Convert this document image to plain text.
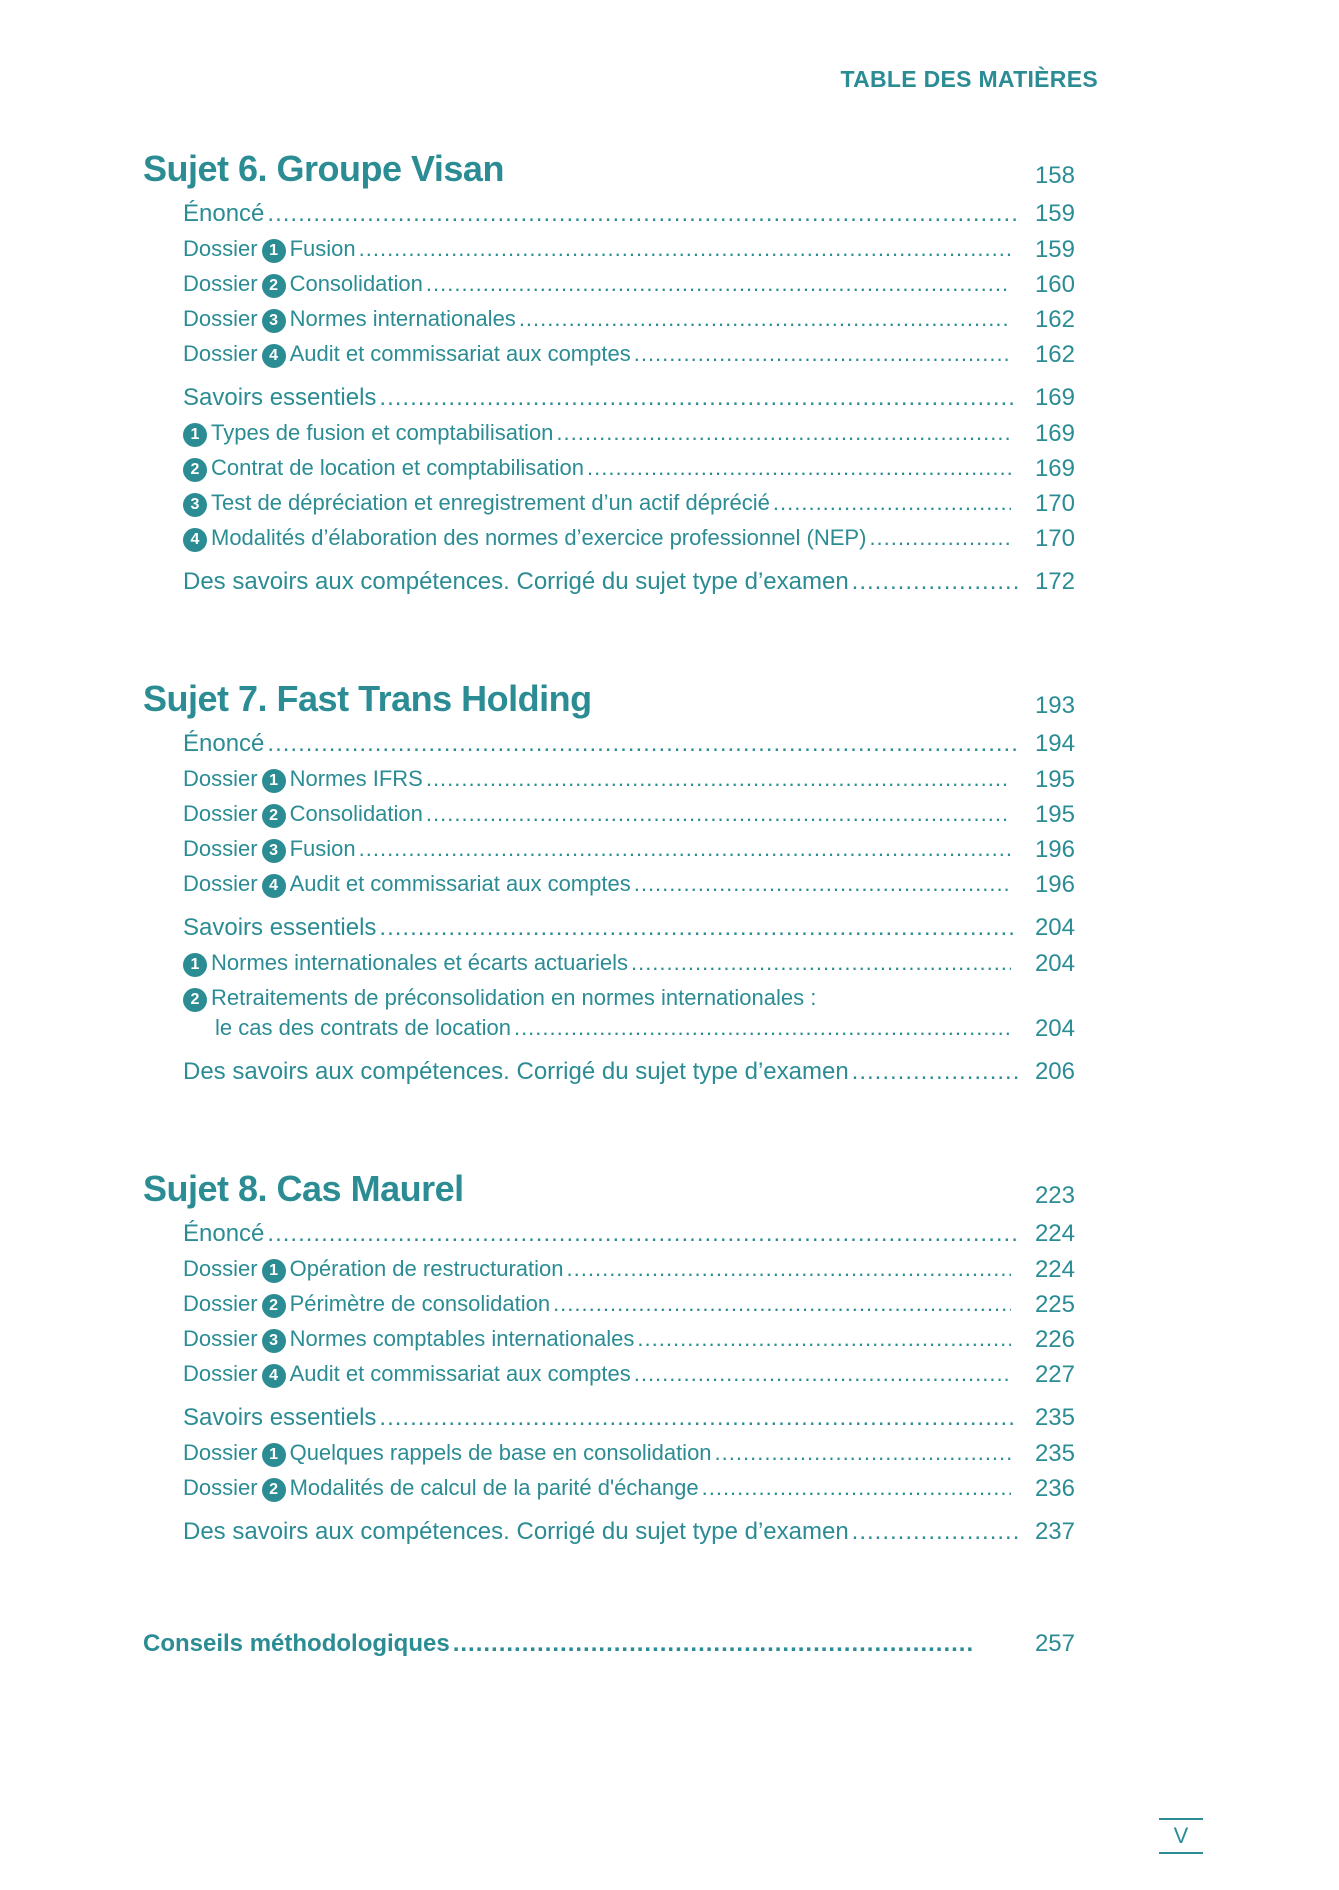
TABLE DES MATIÈRES
Sujet 6. Groupe Visan	158
Énoncé .....	159
Dossier 1 Fusion .....	159
Dossier 2 Consolidation .....	160
Dossier 3 Normes internationales .....	162
Dossier 4 Audit et commissariat aux comptes .....	162
Savoirs essentiels .....	169
1 Types de fusion et comptabilisation .....	169
2 Contrat de location et comptabilisation .....	169
3 Test de dépréciation et enregistrement d’un actif déprécié .....	170
4 Modalités d’élaboration des normes d’exercice professionnel (NEP) .....	170
Des savoirs aux compétences. Corrigé du sujet type d’examen .....	172
Sujet 7. Fast Trans Holding	193
Énoncé .....	194
Dossier 1 Normes IFRS .....	195
Dossier 2 Consolidation .....	195
Dossier 3 Fusion .....	196
Dossier 4 Audit et commissariat aux comptes .....	196
Savoirs essentiels .....	204
1 Normes internationales et écarts actuariels .....	204
2 Retraitements de préconsolidation en normes internationales :
le cas des contrats de location .....	204
Des savoirs aux compétences. Corrigé du sujet type d’examen .....	206
Sujet 8. Cas Maurel	223
Énoncé .....	224
Dossier 1 Opération de restructuration .....	224
Dossier 2 Périmètre de consolidation .....	225
Dossier 3 Normes comptables internationales .....	226
Dossier 4 Audit et commissariat aux comptes .....	227
Savoirs essentiels .....	235
Dossier 1 Quelques rappels de base en consolidation .....	235
Dossier 2 Modalités de calcul de la parité d'échange .....	236
Des savoirs aux compétences. Corrigé du sujet type d’examen .....	237
Conseils méthodologiques .....	257
V
